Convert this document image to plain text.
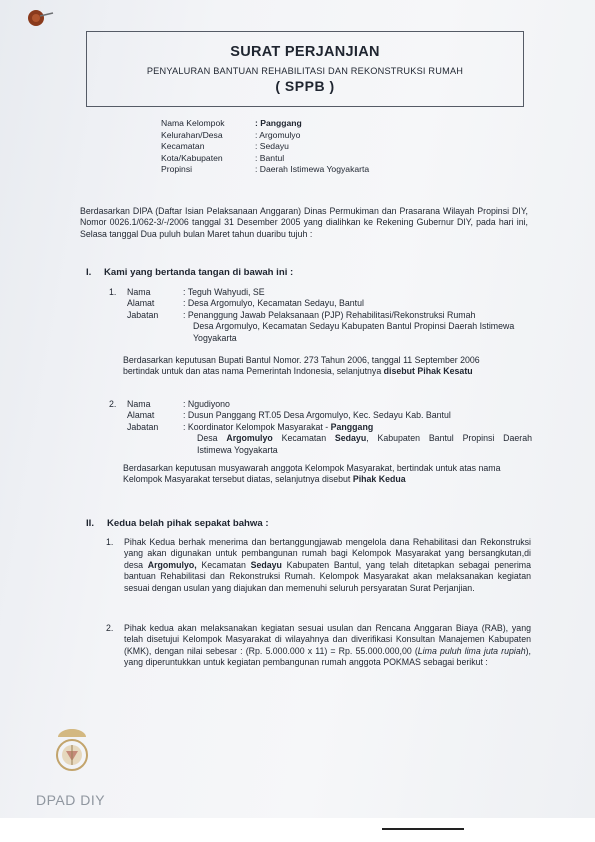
SURAT PERJANJIAN
PENYALURAN BANTUAN REHABILITASI DAN REKONSTRUKSI RUMAH
( SPPB )
Nama Kelompok	: Panggang
Kelurahan/Desa	: Argomulyo
Kecamatan	: Sedayu
Kota/Kabupaten	: Bantul
Propinsi	: Daerah Istimewa Yogyakarta
Berdasarkan DIPA (Daftar Isian Pelaksanaan Anggaran) Dinas Permukiman dan Prasarana Wilayah Propinsi DIY, Nomor 0026.1/062-3/-/2006 tanggal 31 Desember 2005 yang dialihkan ke Rekening Gubernur DIY, pada hari ini, Selasa tanggal Dua puluh bulan Maret tahun duaribu tujuh :
I. Kami yang bertanda tangan di bawah ini :
1.	Nama	: Teguh Wahyudi, SE
Alamat	: Desa Argomulyo, Kecamatan Sedayu, Bantul
Jabatan	: Penanggung Jawab Pelaksanaan (PJP) Rehabilitasi/Rekonstruksi Rumah
Desa Argomulyo, Kecamatan Sedayu Kabupaten Bantul Propinsi Daerah Istimewa
Yogyakarta
Berdasarkan keputusan Bupati Bantul Nomor. 273 Tahun 2006, tanggal 11 September 2006
bertindak untuk dan atas nama Pemerintah Indonesia, selanjutnya disebut Pihak Kesatu
2.	Nama	: Ngudiyono
Alamat	: Dusun Panggang RT.05 Desa Argomulyo, Kec. Sedayu Kab. Bantul
Jabatan	: Koordinator Kelompok Masyarakat - Panggang
Desa Argomulyo Kecamatan Sedayu, Kabupaten Bantul Propinsi Daerah
Istimewa Yogyakarta
Berdasarkan keputusan musyawarah anggota Kelompok Masyarakat, bertindak untuk atas nama
Kelompok Masyarakat tersebut diatas, selanjutnya disebut Pihak Kedua
II. Kedua belah pihak sepakat bahwa :
1. Pihak Kedua berhak menerima dan bertanggungjawab mengelola dana Rehabilitasi dan Rekonstruksi yang akan digunakan untuk pembangunan rumah bagi Kelompok Masyarakat yang bersangkutan,di desa Argomulyo, Kecamatan Sedayu Kabupaten Bantul, yang telah ditetapkan sebagai penerima bantuan Rehabilitasi dan Rekonstruksi Rumah. Kelompok Masyarakat akan melaksanakan kegiatan sesuai dengan usulan yang diajukan dan memenuhi seluruh persyaratan Surat Perjanjian.
2. Pihak kedua akan melaksanakan kegiatan sesuai usulan dan Rencana Anggaran Biaya (RAB), yang telah disetujui Kelompok Masyarakat di wilayahnya dan diverifikasi Konsultan Manajemen Kabupaten (KMK), dengan nilai sebesar : (Rp. 5.000.000 x 11) = Rp. 55.000.000,00 (Lima puluh lima juta rupiah), yang diperuntukkan untuk kegiatan pembangunan rumah anggota POKMAS sebagai berikut :
DPAD DIY
